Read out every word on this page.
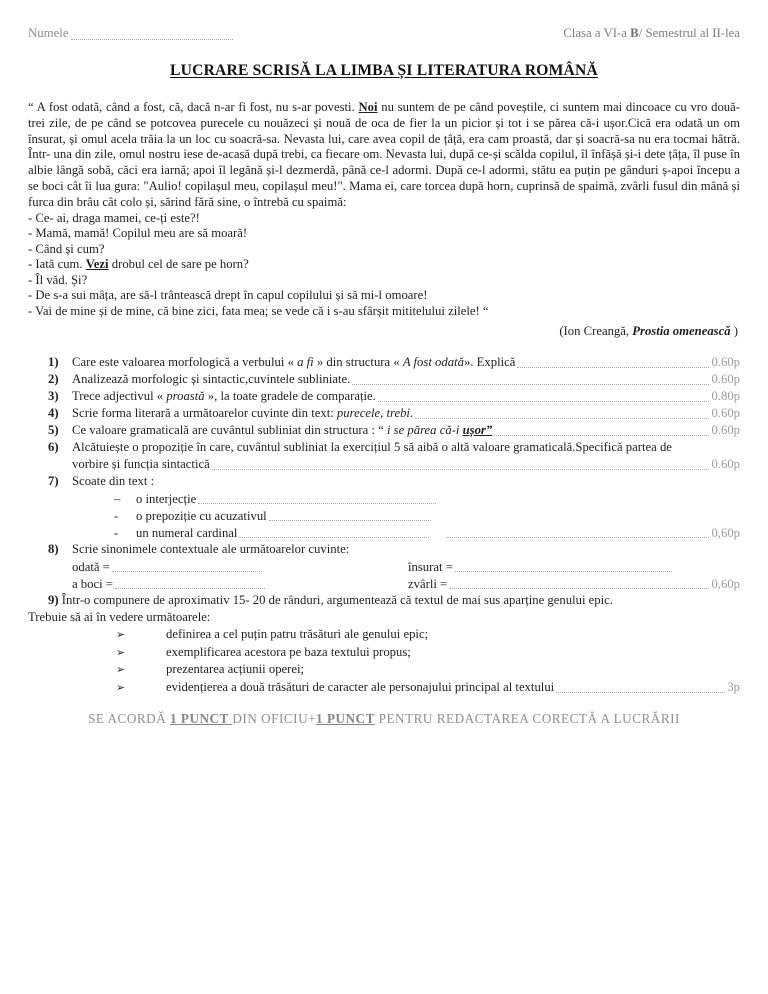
Numele	Clasa a VI-a B/ Semestrul al II-lea
LUCRARE SCRISĂ LA LIMBA ȘI LITERATURA ROMÂNĂ
“ A fost odată, când a fost, că, dacă n-ar fi fost, nu s-ar povesti. Noi nu suntem de pe când poveștile, ci suntem mai dincoace cu vro două-trei zile, de pe când se potcovea purecele cu nouăzeci și nouă de oca de fier la un picior și tot i se părea că-i ușor.Cică era odată un om însurat, și omul acela trăia la un loc cu soacră-sa. Nevasta lui, care avea copil de țâță, era cam proastă, dar și soacră-sa nu era tocmai hâtră. Într- una din zile, omul nostru iese de-acasă după trebi, ca fiecare om. Nevasta lui, după ce-și scălda copilul, îl înfășă și-i dete țâța, îl puse în albie lângă sobă, căci era iarnă; apoi îl legănă și-l dezmerdă, până ce-l adormi. După ce-l adormi, stătu ea puțin pe gânduri ș-apoi începu a se boci cât îi lua gura: "Aulio! copilașul meu, copilașul meu!". Mama ei, care torcea după horn, cuprinsă de spaimă, zvârli fusul din mână și furca din brâu cât colo și, sărind fără sine, o întrebă cu spaimă:
- Ce- ai, draga mamei, ce-ți este?!
- Mamă, mamă! Copilul meu are să moară!
- Când și cum?
- Iată cum. Vezi drobul cel de sare pe horn?
- Îl văd. Și?
- De s-a sui mâța, are să-l trântească drept în capul copilului și să mi-l omoare!
- Vai de mine și de mine, că bine zici, fata mea; se vede că i s-au sfârșit mititelului zilele! “
(Ion Creangă, Prostia omenească )
1)	Care este valoarea morfologică a verbului « a fi » din structura « A fost odată». Explică	0.60p
2)	Analizează morfologic și sintactic,cuvintele subliniate.	0.60p
3)	Trece adjectivul « proastă », la toate gradele de comparație.	0.80p
4)	Scrie forma literară a următoarelor cuvinte din text: purecele, trebi.	0.60p
5)	Ce valoare gramaticală are cuvântul subliniat din structura : “ i se părea că-i ușor”	0.60p
6)	Alcătuiește o propoziție în care, cuvântul subliniat la exercițiul 5 să aibă o altă valoare gramaticală.Specifică partea de
vorbire și funcția sintactică	0.60p
7)	Scoate din text :
–	o interjecție
-	o prepoziție cu acuzativul
-	un numeral cardinal	0,60p
8)	Scrie sinonimele contextuale ale următoarelor cuvinte:
odată =	însurat =
a boci =	zvârli =	0,60p
9) Într-o compunere de aproximativ 15- 20 de rânduri, argumentează că textul de mai sus aparține genului epic.
Trebuie să ai în vedere următoarele:
➢	definirea a cel puțin patru trăsături ale genului epic;
➢	exemplificarea acestora pe baza textului propus;
➢	prezentarea acțiunii operei;
➢	evidențierea a două trăsături de caracter ale personajului principal al textului	3p
SE ACORDĂ 1 PUNCT DIN OFICIU+1 PUNCT PENTRU REDACTAREA CORECTĂ A LUCRĂRII
